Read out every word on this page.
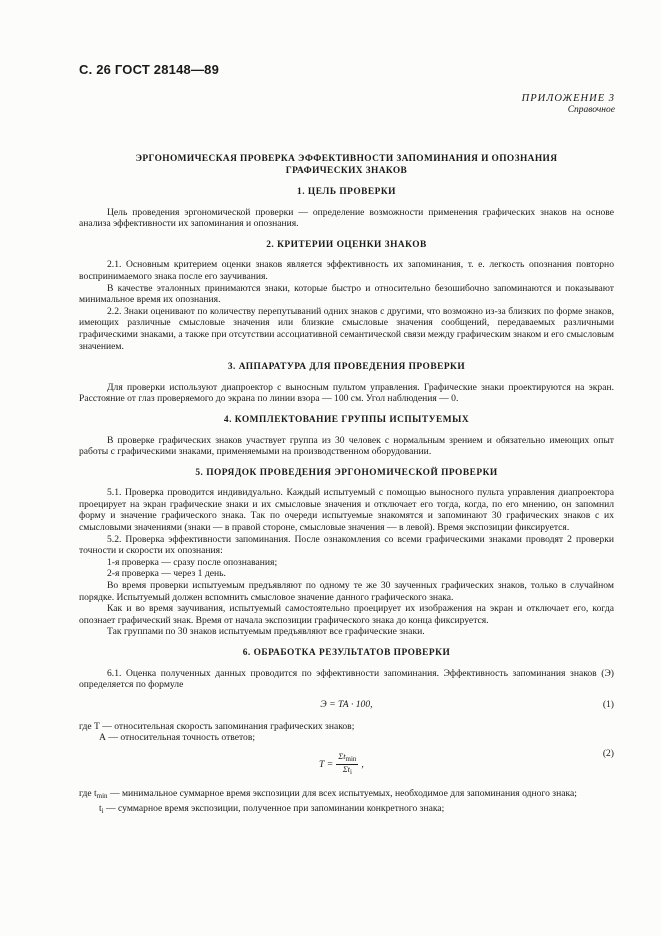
С. 26 ГОСТ 28148—89
ПРИЛОЖЕНИЕ 3
Справочное
ЭРГОНОМИЧЕСКАЯ ПРОВЕРКА ЭФФЕКТИВНОСТИ ЗАПОМИНАНИЯ И ОПОЗНАНИЯ
ГРАФИЧЕСКИХ ЗНАКОВ
1. ЦЕЛЬ ПРОВЕРКИ

Цель проведения эргономической проверки — определение возможности применения графических знаков на основе анализа эффективности их запоминания и опознания.

2. КРИТЕРИИ ОЦЕНКИ ЗНАКОВ

2.1. Основным критерием оценки знаков является эффективность их запоминания, т. е. легкость опознания повторно воспринимаемого знака после его заучивания.

В качестве эталонных принимаются знаки, которые быстро и относительно безошибочно запоминаются и показывают минимальное время их опознания.

2.2. Знаки оценивают по количеству перепутываний одних знаков с другими, что возможно из-за близких по форме знаков, имеющих различные смысловые значения или близкие смысловые значения сообщений, передаваемых различными графическими знаками, а также при отсутствии ассоциативной семантической связи между графическим знаком и его смысловым значением.

3. АППАРАТУРА ДЛЯ ПРОВЕДЕНИЯ ПРОВЕРКИ

Для проверки используют диапроектор с выносным пультом управления. Графические знаки проектируются на экран. Расстояние от глаз проверяемого до экрана по линии взора — 100 см. Угол наблюдения — 0.

4. КОМПЛЕКТОВАНИЕ ГРУППЫ ИСПЫТУЕМЫХ

В проверке графических знаков участвует группа из 30 человек с нормальным зрением и обязательно имеющих опыт работы с графическими знаками, применяемыми на производственном оборудовании.

5. ПОРЯДОК ПРОВЕДЕНИЯ ЭРГОНОМИЧЕСКОЙ ПРОВЕРКИ

5.1. Проверка проводится индивидуально. Каждый испытуемый с помощью выносного пульта управления диапроектора проецирует на экран графические знаки и их смысловые значения и отключает его тогда, когда, по его мнению, он запомнил форму и значение графического знака. Так по очереди испытуемые знакомятся и запоминают 30 графических знаков с их смысловыми значениями (знаки — в правой стороне, смысловые значения — в левой). Время экспозиции фиксируется.

5.2. Проверка эффективности запоминания. После ознакомления со всеми графическими знаками проводят 2 проверки точности и скорости их опознания:

1-я проверка — сразу после опознавания;

2-я проверка — через 1 день.

Во время проверки испытуемым предъявляют по одному те же 30 заученных графических знаков, только в случайном порядке. Испытуемый должен вспомнить смысловое значение данного графического знака.

Как и во время заучивания, испытуемый самостоятельно проецирует их изображения на экран и отключает его, когда опознает графический знак. Время от начала экспозиции графического знака до конца фиксируется.

Так группами по 30 знаков испытуемым предъявляют все графические знаки.

6. ОБРАБОТКА РЕЗУЛЬТАТОВ ПРОВЕРКИ

6.1. Оценка полученных данных проводится по эффективности запоминания. Эффективность запоминания знаков (Э) определяется по формуле

Э = ТА · 100,	(1)

где Т — относительная скорость запоминания графических знаков;

А — относительная точность ответов;

$Т = \frac{\Sigma t_{min}}{\Sigma t_i}$ ,
(2)
где $t_{min}$ — минимальное суммарное время экспозиции для всех испытуемых, необходимое для запоминания одного знака;
$t_i$ — суммарное время экспозиции, полученное при запоминании конкретного знака;
